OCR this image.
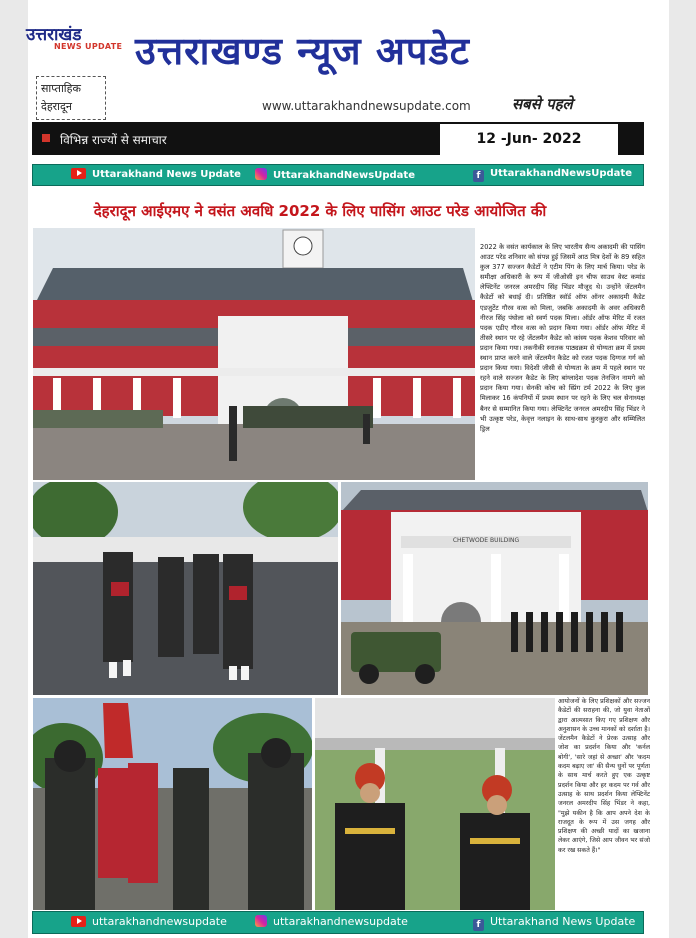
उत्तराखंड
NEWS UPDATE उत्तराखण्ड न्यूज अपडेट
साप्ताहिक
देहरादून	www.uttarakhandnewsupdate.com	सबसे पहले
विभिन्न राज्यों से समाचार	12 -Jun- 2022
Uttarakhand News Update	UttarakhandNewsUpdate	f UttarakhandNewsUpdate
देहरादून आईएमए ने वसंत अवधि 2022 के लिए पासिंग आउट परेड आयोजित की
2022 के वसंत कार्यकाल के लिए भारतीय सैन्य अकादमी की पासिंग आउट परेड शनिवार को संपन्न हुई जिसमें आठ मित्र देशों के 89 सहित कुल 377 सज्जन कैडेटों ने एटीम पिंग के लिए मार्च किया। परेड के समीक्षा अधिकारी के रूप में जीओसी इन चीफ साउथ वेस्ट कमांड लेफ्टिनेंट जनरल अमरदीप सिंह भिंडर मौजूद थे। उन्होंने जेंटलमैन कैडेटों को बधाई दी। प्रतिष्ठित स्वॉर्ड ऑफ ऑनर अकादमी कैडेट एडजुटेंट गौरव वत्स को मिला, जबकि अकादमी के अवर अधिकारी नीरज सिंह पंघोला को स्वर्ण पदक मिला। ऑर्डर ऑफ मेरिट में रजत पदक एडीए गौरव वत्स को प्रदान किया गया। ऑर्डर ऑफ मेरिट में तीसरे स्थान पर रहे जेंटलमैन कैडेट को कांस्य पदक केशव परिवार को प्रदान किया गया। तकनीकी स्नातक पाठ्यक्रम से योग्यता क्रम में प्रथम स्थान प्राप्त करने वाले जेंटलमैन कैडेट को रजत पदक दिग्गज गर्ग को प्रदान किया गया। विदेशी जीसी से योग्यता के क्रम में पहले स्थान पर रहने वाले सज्जन कैडेट के लिए बांग्लादेश पदक तेनजिन नामगे को प्रदान किया गया। सेनकी कोच को स्प्रिंग टर्म 2022 के लिए कुल मिलाकर 16 कंपनियों में प्रथम स्थान पर रहने के लिए चल सेनाध्यक्ष बैनर से सम्मानित किया गया। लेफ्टिनेंट जनरल अमरदीप सिंह भिंडर ने भी उत्कृष्ट परेड, केवृत्त नलाइन के साथ-साथ कुरकुरा और सम्मिलित ड्रिल
CHETWODE BUILDING
आयोजनों के लिए प्रशिक्षकों और सज्जन कैडेटों की सराहना की, जो युवा नेताओं द्वारा आत्मसात किए गए प्रशिक्षण और अनुशासन के उच्च मानकों को दर्शाता है। जेंटलमैन कैडेटों ने प्रेरक उत्साह और जोश का प्रदर्शन किया और 'कर्नल बोगी', 'सारे जहां से अच्छा' और 'कदम कदम बढ़ाए जा' की सैन्य धुनों पर पूर्णता के साथ मार्च करते हुए एक उत्कृष्ट प्रदर्शन किया और हर कदम पर गर्व और उत्साह के साथ प्रदर्शन किया लेफ्टिनेंट जनरल अमरदीप सिंह भिंडर ने कहा, "मुझे यकीन है कि आप अपने देश के राजदूत के रूप में उस जगह और प्रशिक्षण की अच्छी यादों का खजाना लेकर आएंगे, जिसे आप जीवन भर संजो कर रख सकते हैं।"
uttarakhandnewsupdate	uttarakhandnewsupdate	f Uttarakhand News Update
